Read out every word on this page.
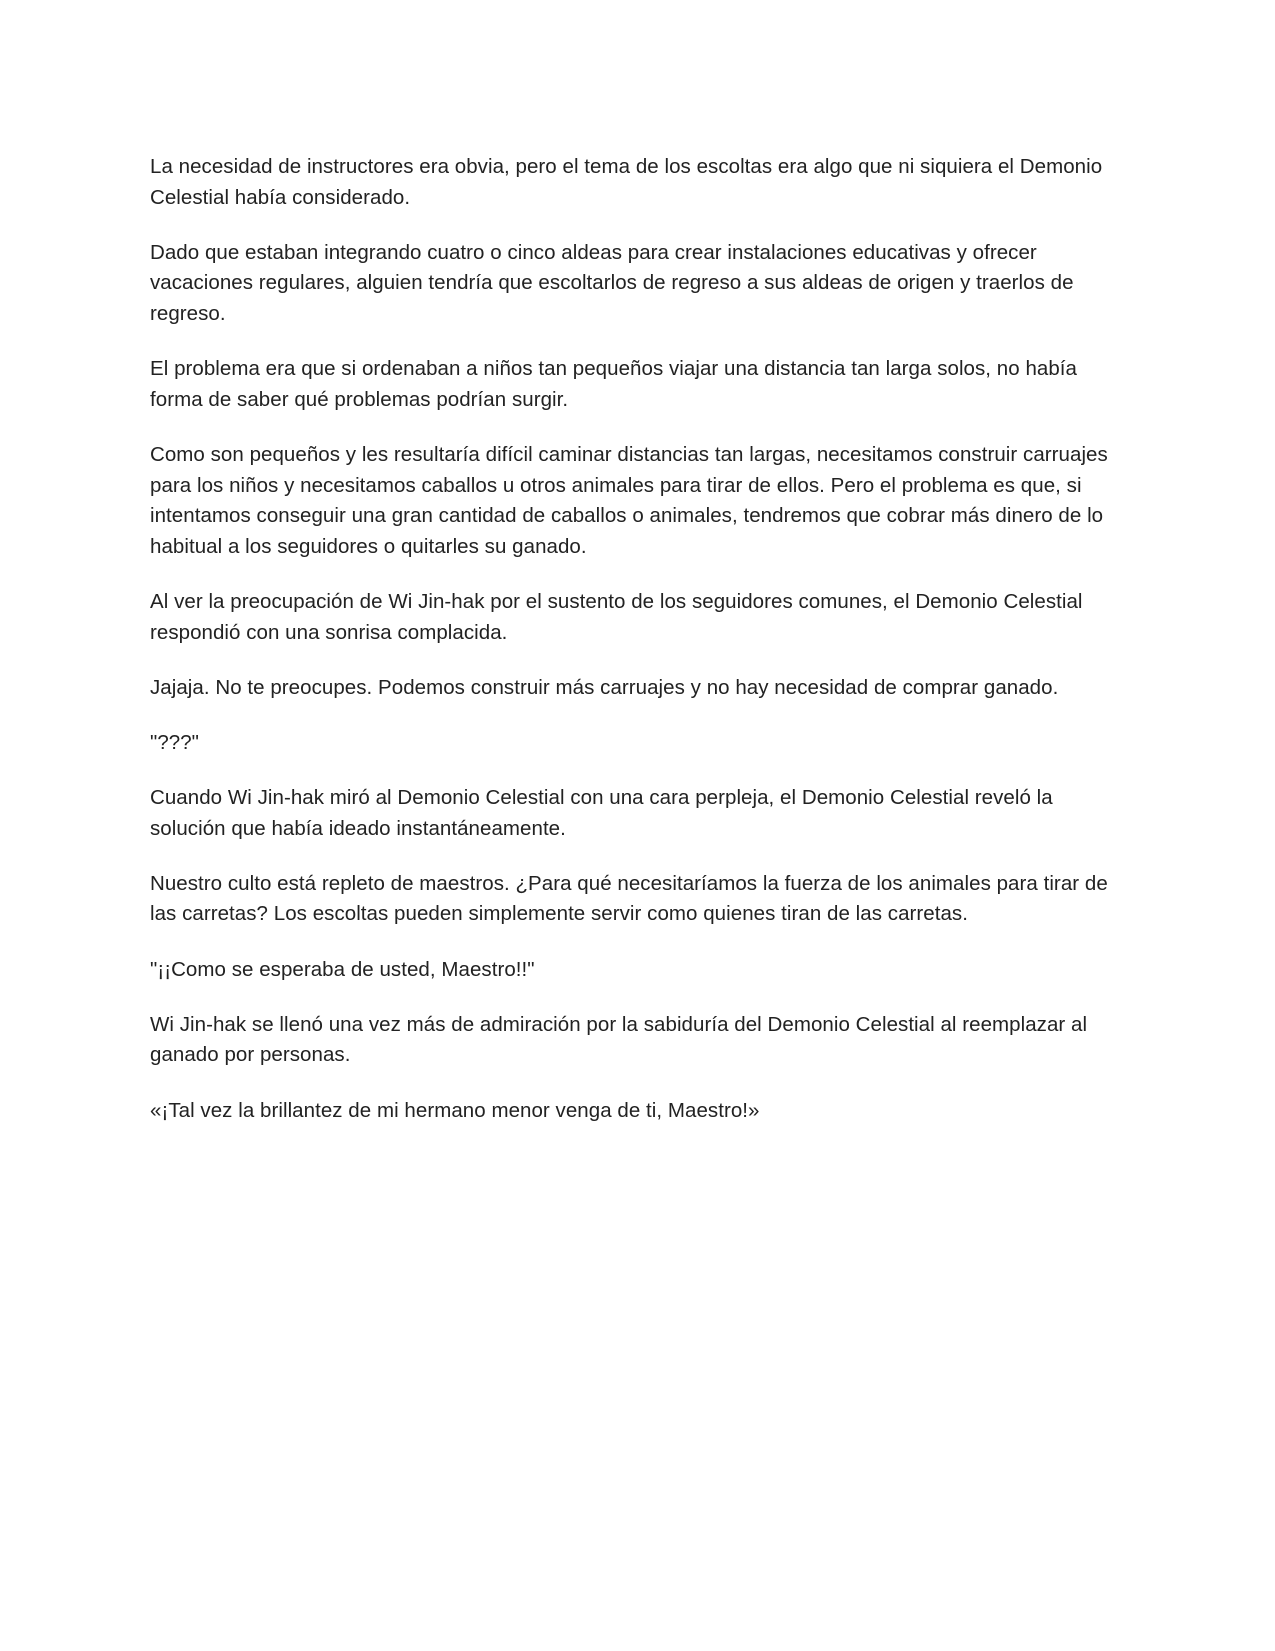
La necesidad de instructores era obvia, pero el tema de los escoltas era algo que ni siquiera el Demonio Celestial había considerado.

Dado que estaban integrando cuatro o cinco aldeas para crear instalaciones educativas y ofrecer vacaciones regulares, alguien tendría que escoltarlos de regreso a sus aldeas de origen y traerlos de regreso.

El problema era que si ordenaban a niños tan pequeños viajar una distancia tan larga solos, no había forma de saber qué problemas podrían surgir.

Como son pequeños y les resultaría difícil caminar distancias tan largas, necesitamos construir carruajes para los niños y necesitamos caballos u otros animales para tirar de ellos. Pero el problema es que, si intentamos conseguir una gran cantidad de caballos o animales, tendremos que cobrar más dinero de lo habitual a los seguidores o quitarles su ganado.

Al ver la preocupación de Wi Jin-hak por el sustento de los seguidores comunes, el Demonio Celestial respondió con una sonrisa complacida.

Jajaja. No te preocupes. Podemos construir más carruajes y no hay necesidad de comprar ganado.

"???"

Cuando Wi Jin-hak miró al Demonio Celestial con una cara perpleja, el Demonio Celestial reveló la solución que había ideado instantáneamente.

Nuestro culto está repleto de maestros. ¿Para qué necesitaríamos la fuerza de los animales para tirar de las carretas? Los escoltas pueden simplemente servir como quienes tiran de las carretas.

"¡¡Como se esperaba de usted, Maestro!!"

Wi Jin-hak se llenó una vez más de admiración por la sabiduría del Demonio Celestial al reemplazar al ganado por personas.

«¡Tal vez la brillantez de mi hermano menor venga de ti, Maestro!»
